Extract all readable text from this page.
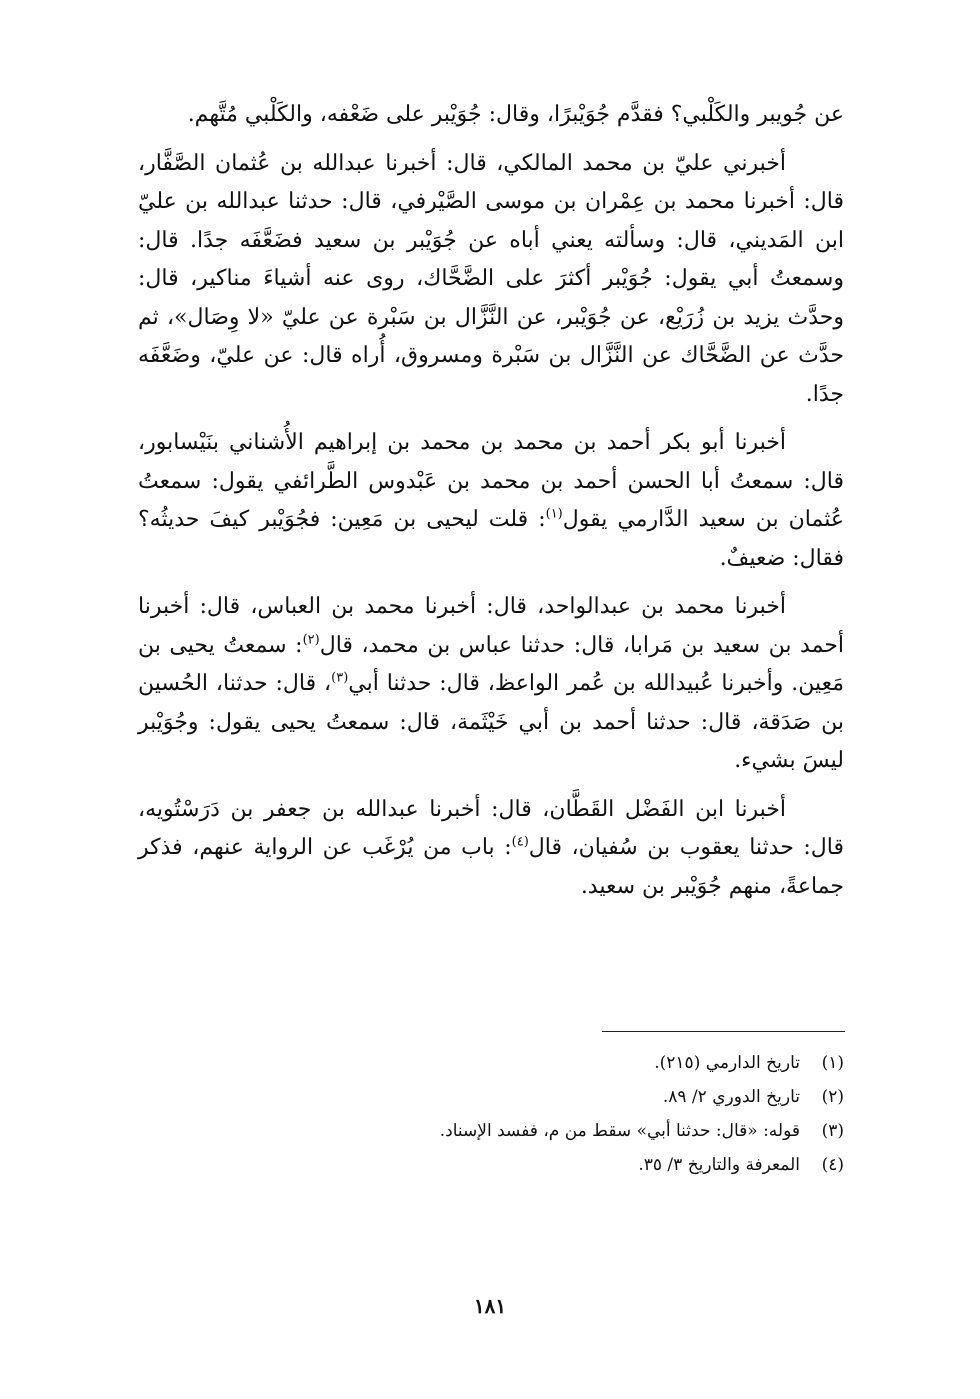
عن جُويبر والكَلْبي؟ فقدَّم جُوَيْبرًا، وقال: جُوَيْبر على ضَعْفه، والكَلْبي مُتَّهم.

أخبرني عليّ بن محمد المالكي، قال: أخبرنا عبدالله بن عُثمان الصَّفَّار، قال: أخبرنا محمد بن عِمْران بن موسى الصَّيْرفي، قال: حدثنا عبدالله بن عليّ ابن المَديني، قال: وسألته يعني أباه عن جُوَيْبر بن سعيد فضَعَّفَه جدًا. قال: وسمعتُ أبي يقول: جُوَيْبر أكثرَ على الضَّحَّاك، روى عنه أشياءَ مناكير، قال: وحدَّث يزيد بن زُرَيْع، عن جُوَيْبر، عن النَّزَّال بن سَبْرة عن عليّ «لا وِصَال»، ثم حدَّث عن الضَّحَّاك عن النَّزَّال بن سَبْرة ومسروق، أُراه قال: عن عليّ، وضَعَّفَه جدًا.

أخبرنا أبو بكر أحمد بن محمد بن محمد بن إبراهيم الأُشناني بنَيْسابور، قال: سمعتُ أبا الحسن أحمد بن محمد بن عَبْدوس الطَّرائفي يقول: سمعتُ عُثمان بن سعيد الدَّارمي يقول$^{(١)}$: قلت ليحيى بن مَعِين: فجُوَيْبر كيفَ حديثُه؟ فقال: ضعيفٌ.

أخبرنا محمد بن عبدالواحد، قال: أخبرنا محمد بن العباس، قال: أخبرنا أحمد بن سعيد بن مَرابا، قال: حدثنا عباس بن محمد، قال$^{(٢)}$: سمعتُ يحيى بن مَعِين. وأخبرنا عُبيدالله بن عُمر الواعظ، قال: حدثنا أبي$^{(٣)}$، قال: حدثنا، الحُسين بن صَدَقة، قال: حدثنا أحمد بن أبي خَيْثَمة، قال: سمعتُ يحيى يقول: وجُوَيْبر ليسَ بشيء.

أخبرنا ابن الفَضْل القَطَّان، قال: أخبرنا عبدالله بن جعفر بن دَرَسْتُويه، قال: حدثنا يعقوب بن سُفيان، قال$^{(٤)}$: باب من يُرْغَب عن الرواية عنهم، فذكر جماعةً، منهم جُوَيْبر بن سعيد.

(١)تاريخ الدارمي (٢١٥).
(٢)تاريخ الدوري ٢/ ٨٩.
(٣)قوله: «قال: حدثنا أبي» سقط من م، ففسد الإسناد.
(٤)المعرفة والتاريخ ٣/ ٣٥.
١٨١
